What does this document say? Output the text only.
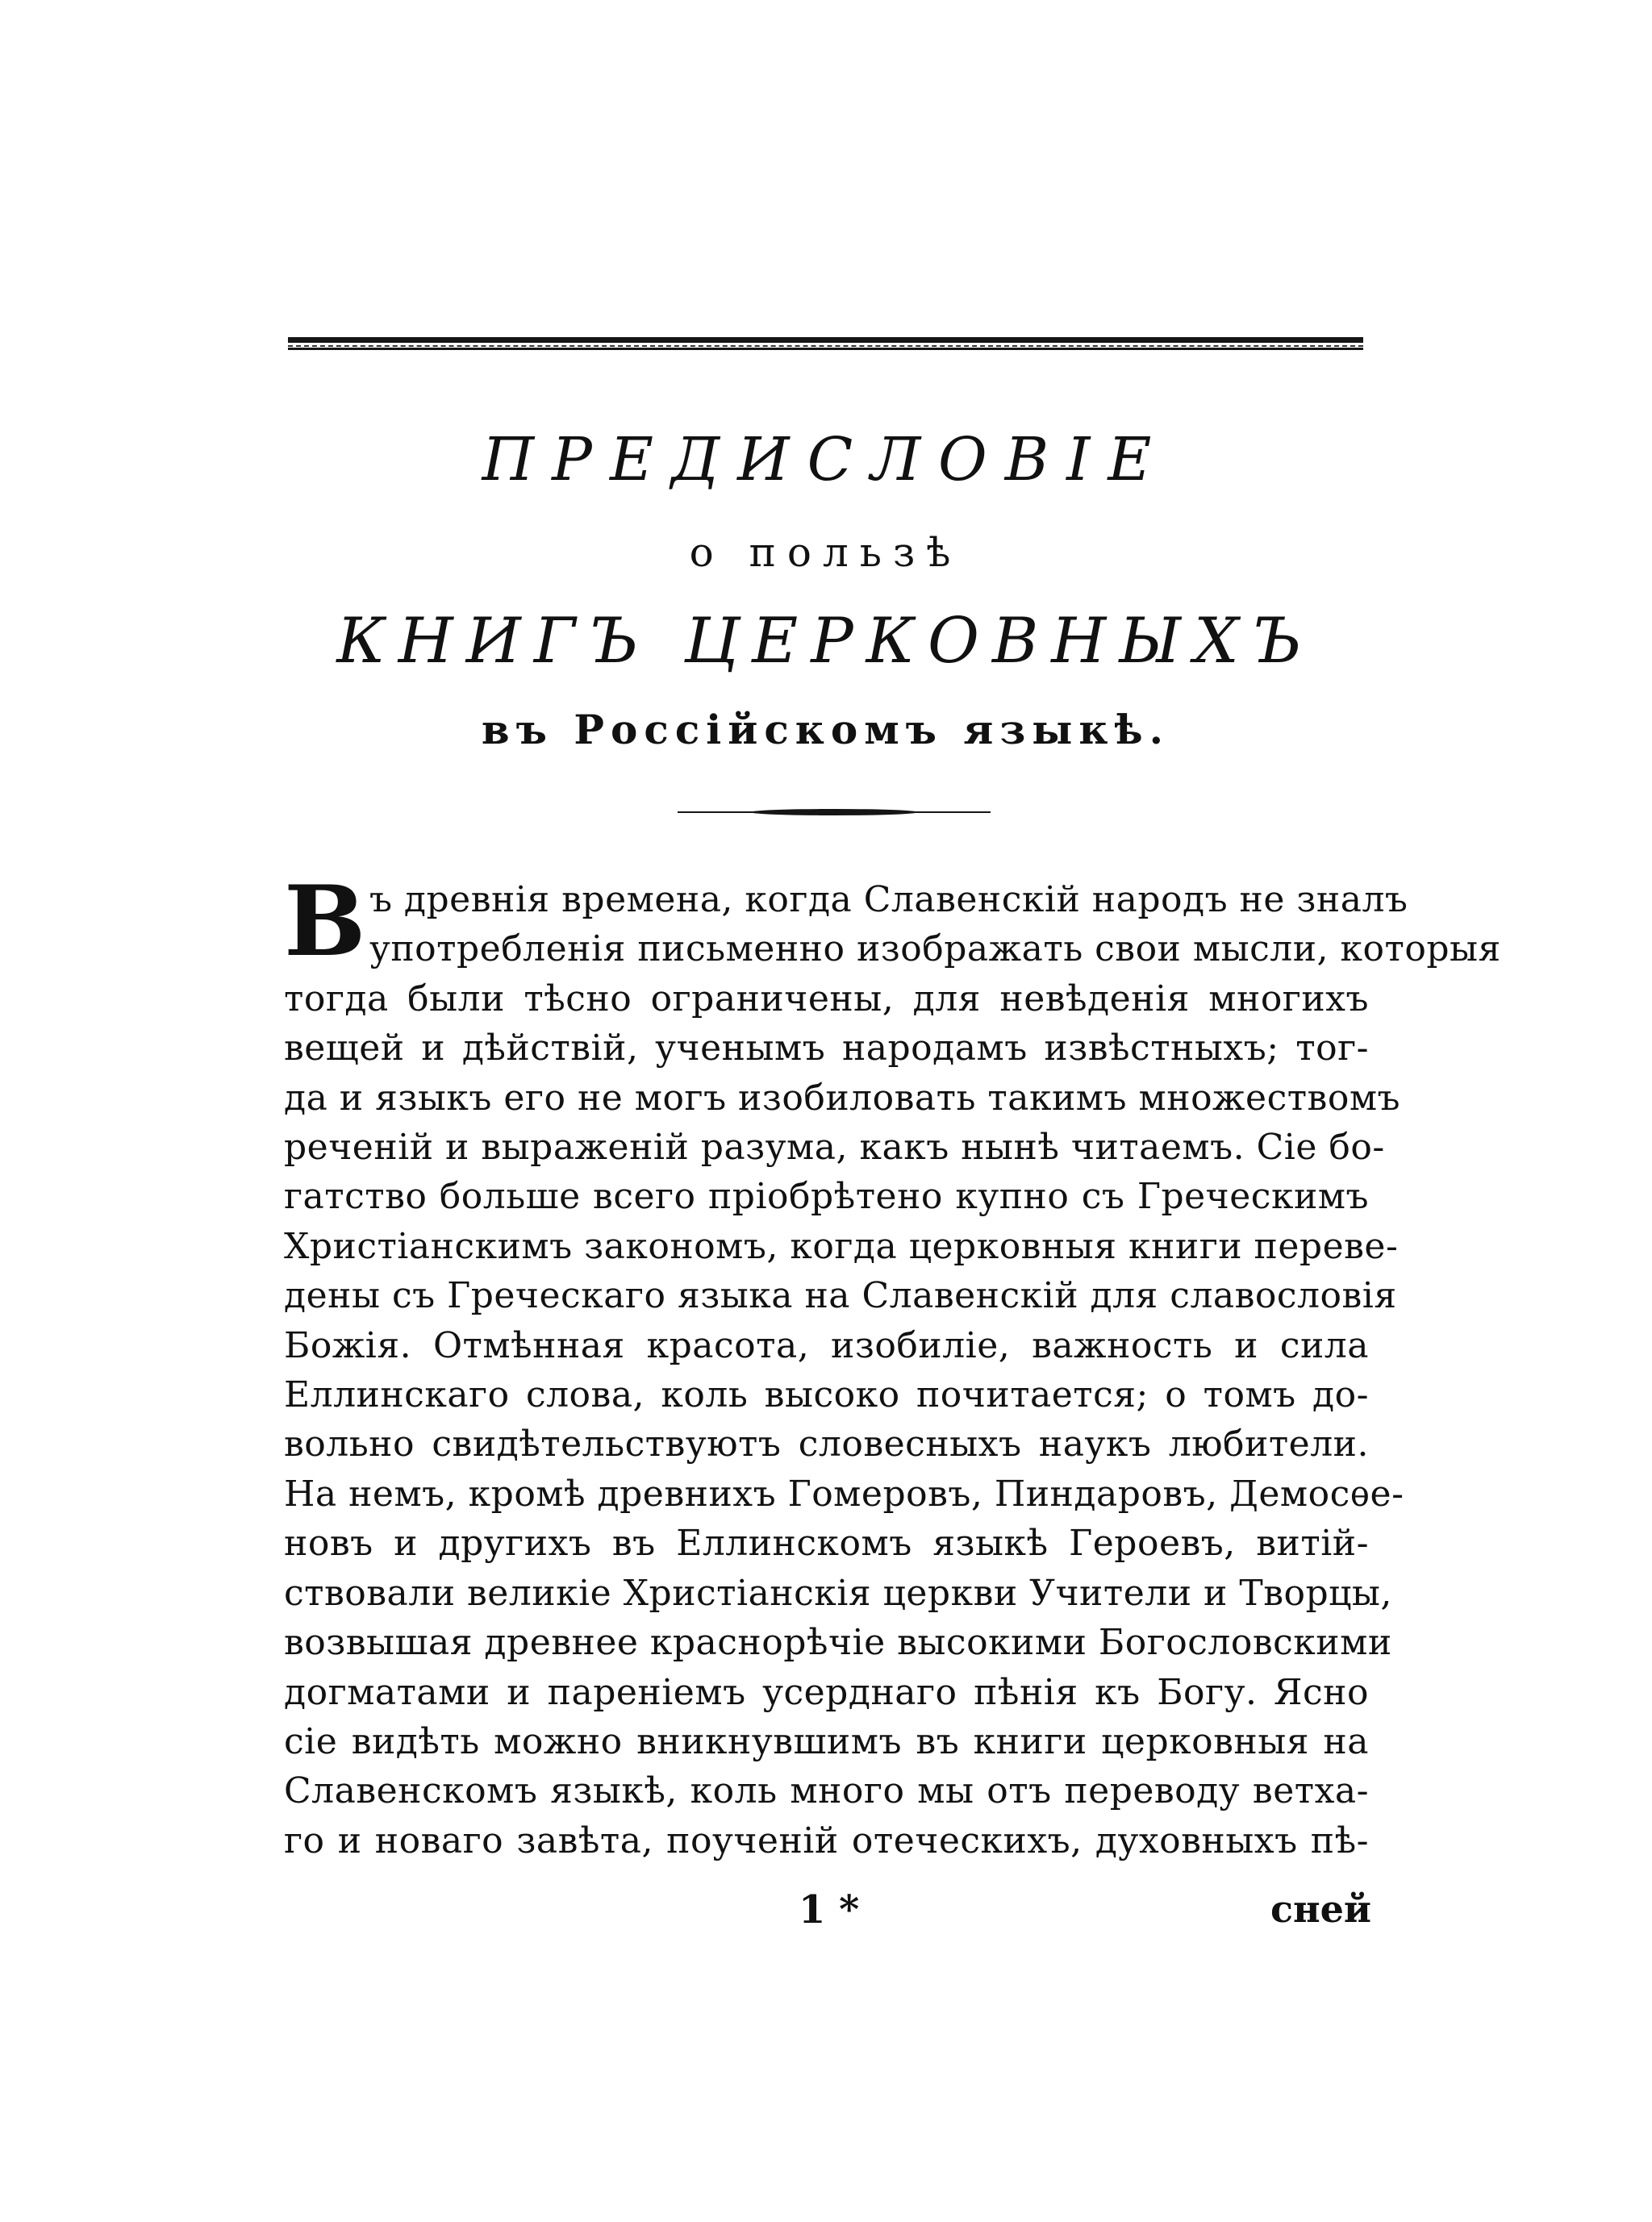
ПРЕДИСЛОВІЕ
о пользѣ
КНИГЪ ЦЕРКОВНЫХЪ
въ Россійскомъ языкѣ.
В ъ древнія времена, когда Славенскій народъ не зналъ
употребленія письменно изображать свои мысли, которыя
тогда были тѣсно ограничены, для невѣденія многихъ
вещей и дѣйствій, ученымъ народамъ извѣстныхъ; тог-
да и языкъ его не могъ изобиловать такимъ множествомъ
реченій и выраженій разума, какъ нынѣ читаемъ. Сіе бо-
гатство больше всего пріобрѣтено купно съ Греческимъ
Христіанскимъ закономъ, когда церковныя книги переве-
дены съ Греческаго языка на Славенскій для славословія
Божія. Отмѣнная красота, изобиліе, важность и сила
Еллинскаго слова, коль высоко почитается; о томъ до-
вольно свидѣтельствуютъ словесныхъ наукъ любители.
На немъ, кромѣ древнихъ Гомеровъ, Пиндаровъ, Демосѳе-
новъ и другихъ въ Еллинскомъ языкѣ Героевъ, витій-
ствовали великіе Христіанскія церкви Учители и Творцы,
возвышая древнее краснорѣчіе высокими Богословскими
догматами и пареніемъ усерднаго пѣнія къ Богу. Ясно
сіе видѣть можно вникнувшимъ въ книги церковныя на
Славенскомъ языкѣ, коль много мы отъ переводу ветха-
го и новаго завѣта, поученій отеческихъ, духовныхъ пѣ-
1 *	сней
